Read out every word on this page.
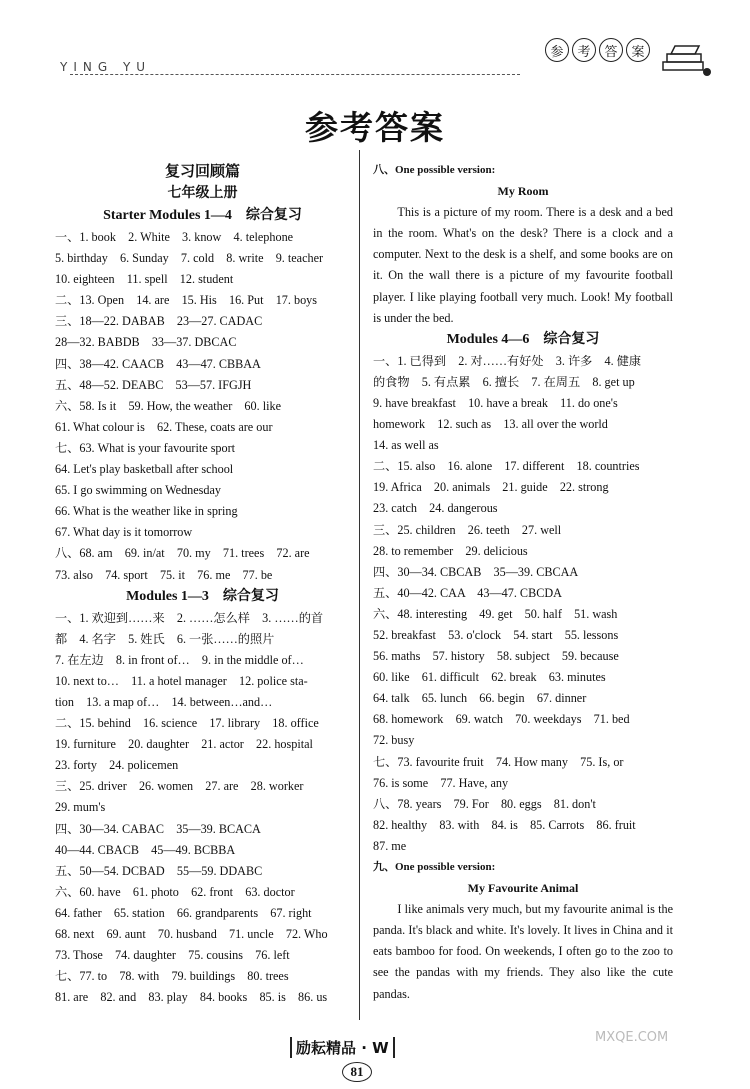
YING YU
参	考	答	案
参考答案
复习回顾篇
七年级上册
Starter Modules 1—4　综合复习
一、1. book　2. White　3. know　4. telephone
5. birthday　6. Sunday　7. cold　8. write　9. teacher
10. eighteen　11. spell　12. student
二、13. Open　14. are　15. His　16. Put　17. boys
三、18—22. DABAB　23—27. CADAC
28—32. BABDB　33—37. DBCAC
四、38—42. CAACB　43—47. CBBAA
五、48—52. DEABC　53—57. IFGJH
六、58. Is it　59. How, the weather　60. like
61. What colour is　62. These, coats are our
七、63. What is your favourite sport
64. Let's play basketball after school
65. I go swimming on Wednesday
66. What is the weather like in spring
67. What day is it tomorrow
八、68. am　69. in/at　70. my　71. trees　72. are
73. also　74. sport　75. it　76. me　77. be
Modules 1—3　综合复习
一、1. 欢迎到……来　2. ……怎么样　3. ……的首
都　4. 名字　5. 姓氏　6. 一张……的照片
7. 在左边　8. in front of…　9. in the middle of…
10. next to…　11. a hotel manager　12. police sta-
tion　13. a map of…　14. between…and…
二、15. behind　16. science　17. library　18. office
19. furniture　20. daughter　21. actor　22. hospital
23. forty　24. policemen
三、25. driver　26. women　27. are　28. worker
29. mum's
四、30—34. CABAC　35—39. BCACA
40—44. CBACB　45—49. BCBBA
五、50—54. DCBAD　55—59. DDABC
六、60. have　61. photo　62. front　63. doctor
64. father　65. station　66. grandparents　67. right
68. next　69. aunt　70. husband　71. uncle　72. Who
73. Those　74. daughter　75. cousins　76. left
七、77. to　78. with　79. buildings　80. trees
81. are　82. and　83. play　84. books　85. is　86. us
八、One possible version:
My Room
This is a picture of my room. There is a desk and a bed in the room. What's on the desk? There is a clock and a computer. Next to the desk is a shelf, and some books are on it. On the wall there is a picture of my favourite football player. I like playing football very much. Look! My football is under the bed.
Modules 4—6　综合复习
一、1. 已得到　2. 对……有好处　3. 许多　4. 健康
的食物　5. 有点累　6. 擅长　7. 在周五　8. get up
9. have breakfast　10. have a break　11. do one's
homework　12. such as　13. all over the world
14. as well as
二、15. also　16. alone　17. different　18. countries
19. Africa　20. animals　21. guide　22. strong
23. catch　24. dangerous
三、25. children　26. teeth　27. well
28. to remember　29. delicious
四、30—34. CBCAB　35—39. CBCAA
五、40—42. CAA　43—47. CBCDA
六、48. interesting　49. get　50. half　51. wash
52. breakfast　53. o'clock　54. start　55. lessons
56. maths　57. history　58. subject　59. because
60. like　61. difficult　62. break　63. minutes
64. talk　65. lunch　66. begin　67. dinner
68. homework　69. watch　70. weekdays　71. bed
72. busy
七、73. favourite fruit　74. How many　75. Is, or
76. is some　77. Have, any
八、78. years　79. For　80. eggs　81. don't
82. healthy　83. with　84. is　85. Carrots　86. fruit
87. me
九、One possible version:
My Favourite Animal
I like animals very much, but my favourite animal is the panda. It's black and white. It's lovely. It lives in China and it eats bamboo for food. On weekends, I often go to the zoo to see the pandas with my friends. They also like the cute pandas.
励耘精品 · W
81
MXQE.COM
